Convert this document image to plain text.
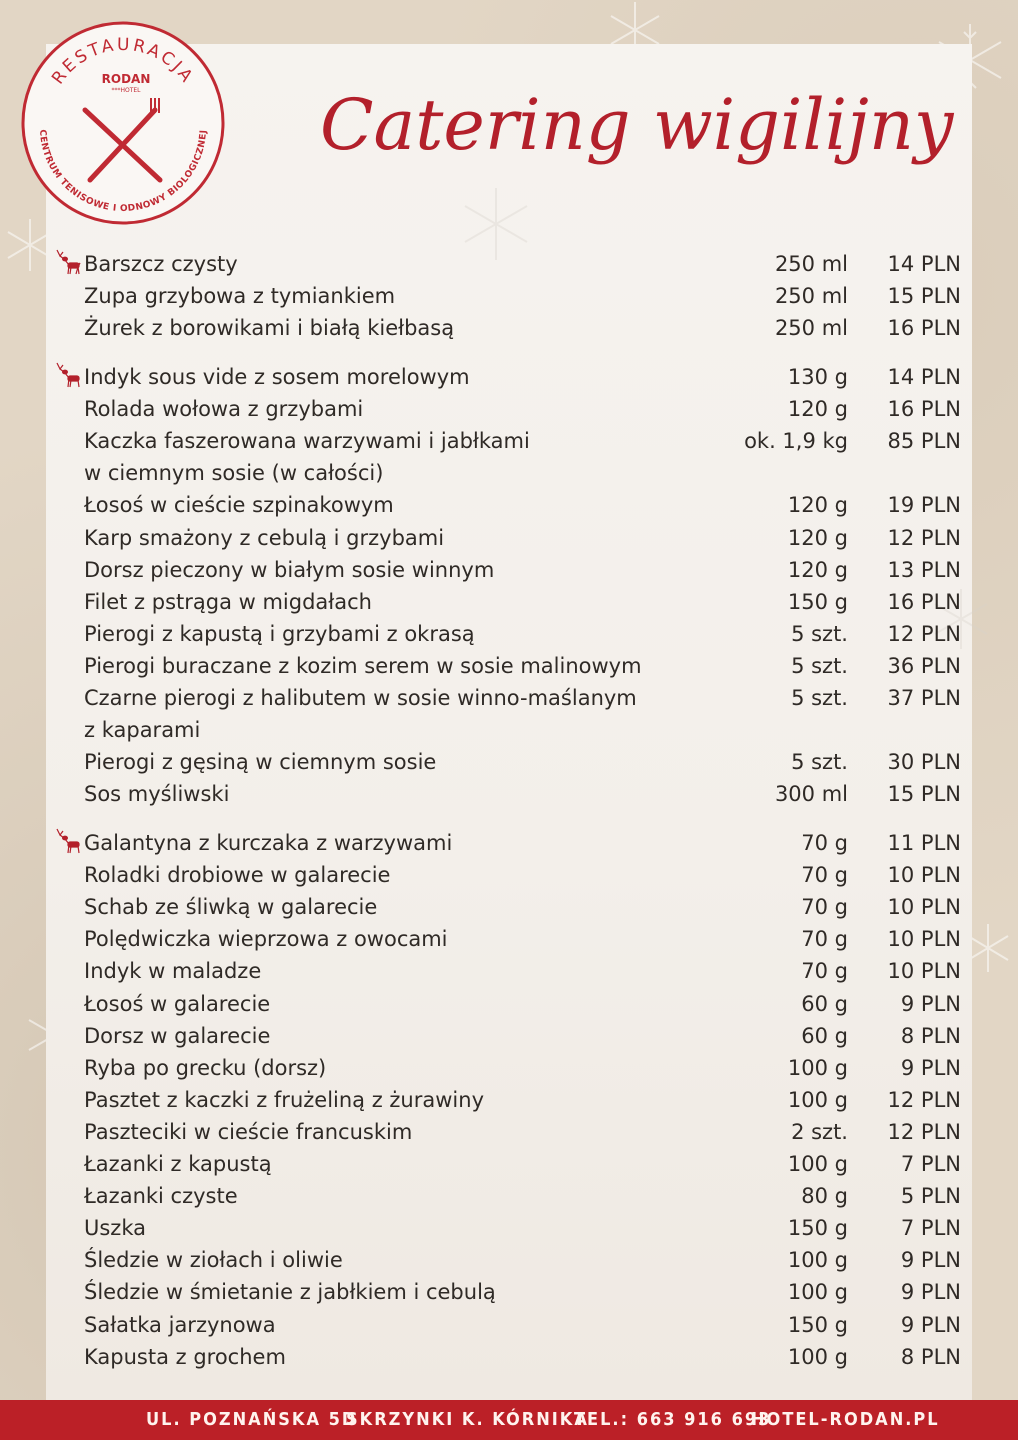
RESTAURACJA
CENTRUM TENISOWE I ODNOWY BIOLOGICZNEJ
RODAN
***HOTEL	Catering wigilijny
Barszcz czysty	250 ml 14 PLN
Zupa grzybowa z tymiankiem	250 ml 15 PLN
Żurek z borowikami i białą kiełbasą	250 ml 16 PLN
Indyk sous vide z sosem morelowym	130 g 14 PLN
Rolada wołowa z grzybami	120 g 16 PLN
Kaczka faszerowana warzywami i jabłkami	ok. 1,9 kg 85 PLN
w ciemnym sosie (w całości)
Łosoś w cieście szpinakowym	120 g 19 PLN
Karp smażony z cebulą i grzybami	120 g 12 PLN
Dorsz pieczony w białym sosie winnym	120 g 13 PLN
Filet z pstrąga w migdałach	150 g 16 PLN
Pierogi z kapustą i grzybami z okrasą	5 szt. 12 PLN
Pierogi buraczane z kozim serem w sosie malinowym	5 szt. 36 PLN
Czarne pierogi z halibutem w sosie winno-maślanym	5 szt. 37 PLN
z kaparami
Pierogi z gęsiną w ciemnym sosie	5 szt. 30 PLN
Sos myśliwski	300 ml 15 PLN
Galantyna z kurczaka z warzywami	70 g 11 PLN
Roladki drobiowe w galarecie	70 g 10 PLN
Schab ze śliwką w galarecie	70 g 10 PLN
Polędwiczka wieprzowa z owocami	70 g 10 PLN
Indyk w maladze	70 g 10 PLN
Łosoś w galarecie	60 g	9 PLN
Dorsz w galarecie	60 g	8 PLN
Ryba po grecku (dorsz)	100 g	9 PLN
Pasztet z kaczki z frużeliną z żurawiny	100 g 12 PLN
Paszteciki w cieście francuskim	2 szt. 12 PLN
Łazanki z kapustą	100 g	7 PLN
Łazanki czyste	80 g	5 PLN
Uszka	150 g	7 PLN
Śledzie w ziołach i oliwie	100 g	9 PLN
Śledzie w śmietanie z jabłkiem i cebulą	100 g	9 PLN
Sałatka jarzynowa	150 g	9 PLN
Kapusta z grochem	100 g	8 PLN
UL. POZNAŃSKA 5D
SKRZYNKI K. KÓRNIKA
TEL.: 663 916 693
HOTEL-RODAN.PL
